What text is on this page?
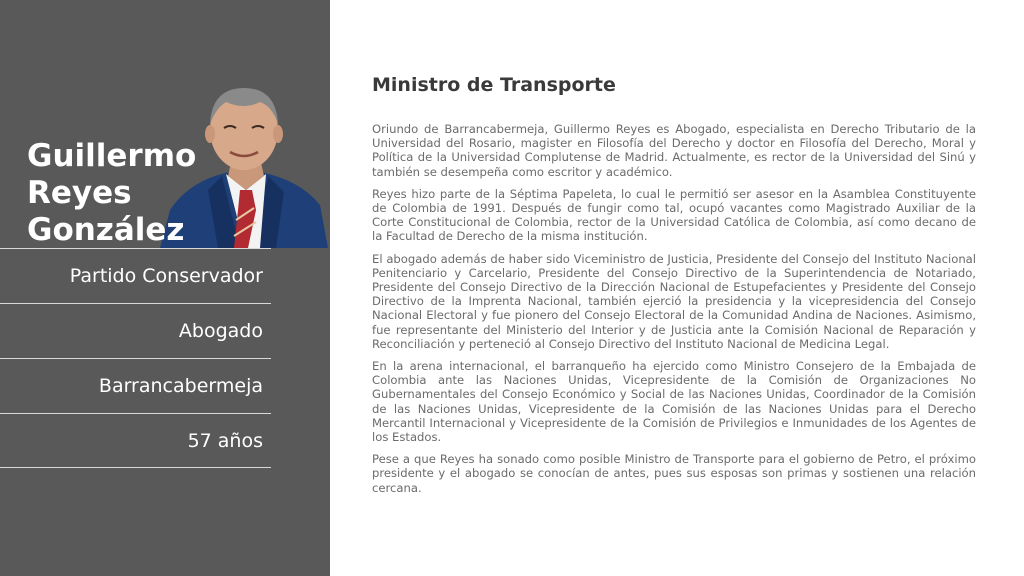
Guillermo
Reyes
González
Partido Conservador
Abogado
Barrancabermeja
57 años
Ministro de Transporte

Oriundo de Barrancabermeja, Guillermo Reyes es Abogado, especialista en Derecho Tributario de la Universidad del Rosario, magister en Filosofía del Derecho y doctor en Filosofía del Derecho, Moral y Política de la Universidad Complutense de Madrid. Actualmente, es rector de la Universidad del Sinú y también se desempeña como escritor y académico.

Reyes hizo parte de la Séptima Papeleta, lo cual le permitió ser asesor en la Asamblea Constituyente de Colombia de 1991. Después de fungir como tal, ocupó vacantes como Magistrado Auxiliar de la Corte Constitucional de Colombia, rector de la Universidad Católica de Colombia, así como decano de la Facultad de Derecho de la misma institución.

El abogado además de haber sido Viceministro de Justicia, Presidente del Consejo del Instituto Nacional Penitenciario y Carcelario, Presidente del Consejo Directivo de la Superintendencia de Notariado, Presidente del Consejo Directivo de la Dirección Nacional de Estupefacientes y Presidente del Consejo Directivo de la Imprenta Nacional, también ejerció la presidencia y la vicepresidencia del Consejo Nacional Electoral y fue pionero del Consejo Electoral de la Comunidad Andina de Naciones. Asimismo, fue representante del Ministerio del Interior y de Justicia ante la Comisión Nacional de Reparación y Reconciliación y perteneció al Consejo Directivo del Instituto Nacional de Medicina Legal.

En la arena internacional, el barranqueño ha ejercido como Ministro Consejero de la Embajada de Colombia ante las Naciones Unidas, Vicepresidente de la Comisión de Organizaciones No Gubernamentales del Consejo Económico y Social de las Naciones Unidas, Coordinador de la Comisión de las Naciones Unidas, Vicepresidente de la Comisión de las Naciones Unidas para el Derecho Mercantil Internacional y Vicepresidente de la Comisión de Privilegios e Inmunidades de los Agentes de los Estados.

Pese a que Reyes ha sonado como posible Ministro de Transporte para el gobierno de Petro, el próximo presidente y el abogado se conocían de antes, pues sus esposas son primas y sostienen una relación cercana.
